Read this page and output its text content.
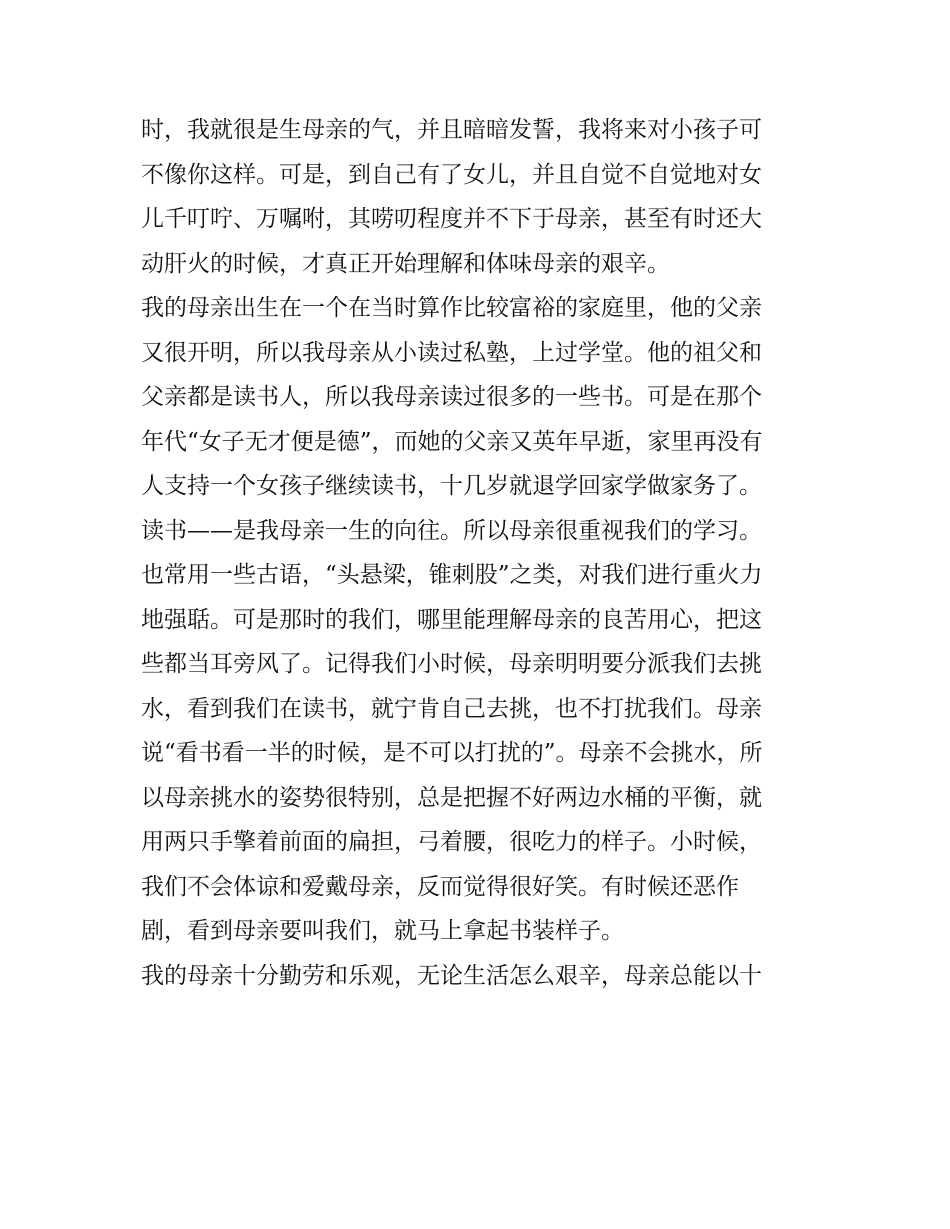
时，我就很是生母亲的气，并且暗暗发誓，我将来对小孩子可
不像你这样。可是，到自己有了女儿，并且自觉不自觉地对女
儿千叮咛、万嘱咐，其唠叨程度并不下于母亲，甚至有时还大
动肝火的时候，才真正开始理解和体味母亲的艰辛。
我的母亲出生在一个在当时算作比较富裕的家庭里，他的父亲
又很开明，所以我母亲从小读过私塾，上过学堂。他的祖父和
父亲都是读书人，所以我母亲读过很多的一些书。可是在那个
年代“女子无才便是德”，而她的父亲又英年早逝，家里再没有
人支持一个女孩子继续读书，十几岁就退学回家学做家务了。
读书——是我母亲一生的向往。所以母亲很重视我们的学习。
也常用一些古语，“头悬梁，锥刺股”之类，对我们进行重火力
地强聒。可是那时的我们，哪里能理解母亲的良苦用心，把这
些都当耳旁风了。记得我们小时候，母亲明明要分派我们去挑
水，看到我们在读书，就宁肯自己去挑，也不打扰我们。母亲
说“看书看一半的时候，是不可以打扰的”。母亲不会挑水，所
以母亲挑水的姿势很特别，总是把握不好两边水桶的平衡，就
用两只手擎着前面的扁担，弓着腰，很吃力的样子。小时候，
我们不会体谅和爱戴母亲，反而觉得很好笑。有时候还恶作
剧，看到母亲要叫我们，就马上拿起书装样子。
我的母亲十分勤劳和乐观，无论生活怎么艰辛，母亲总能以十
